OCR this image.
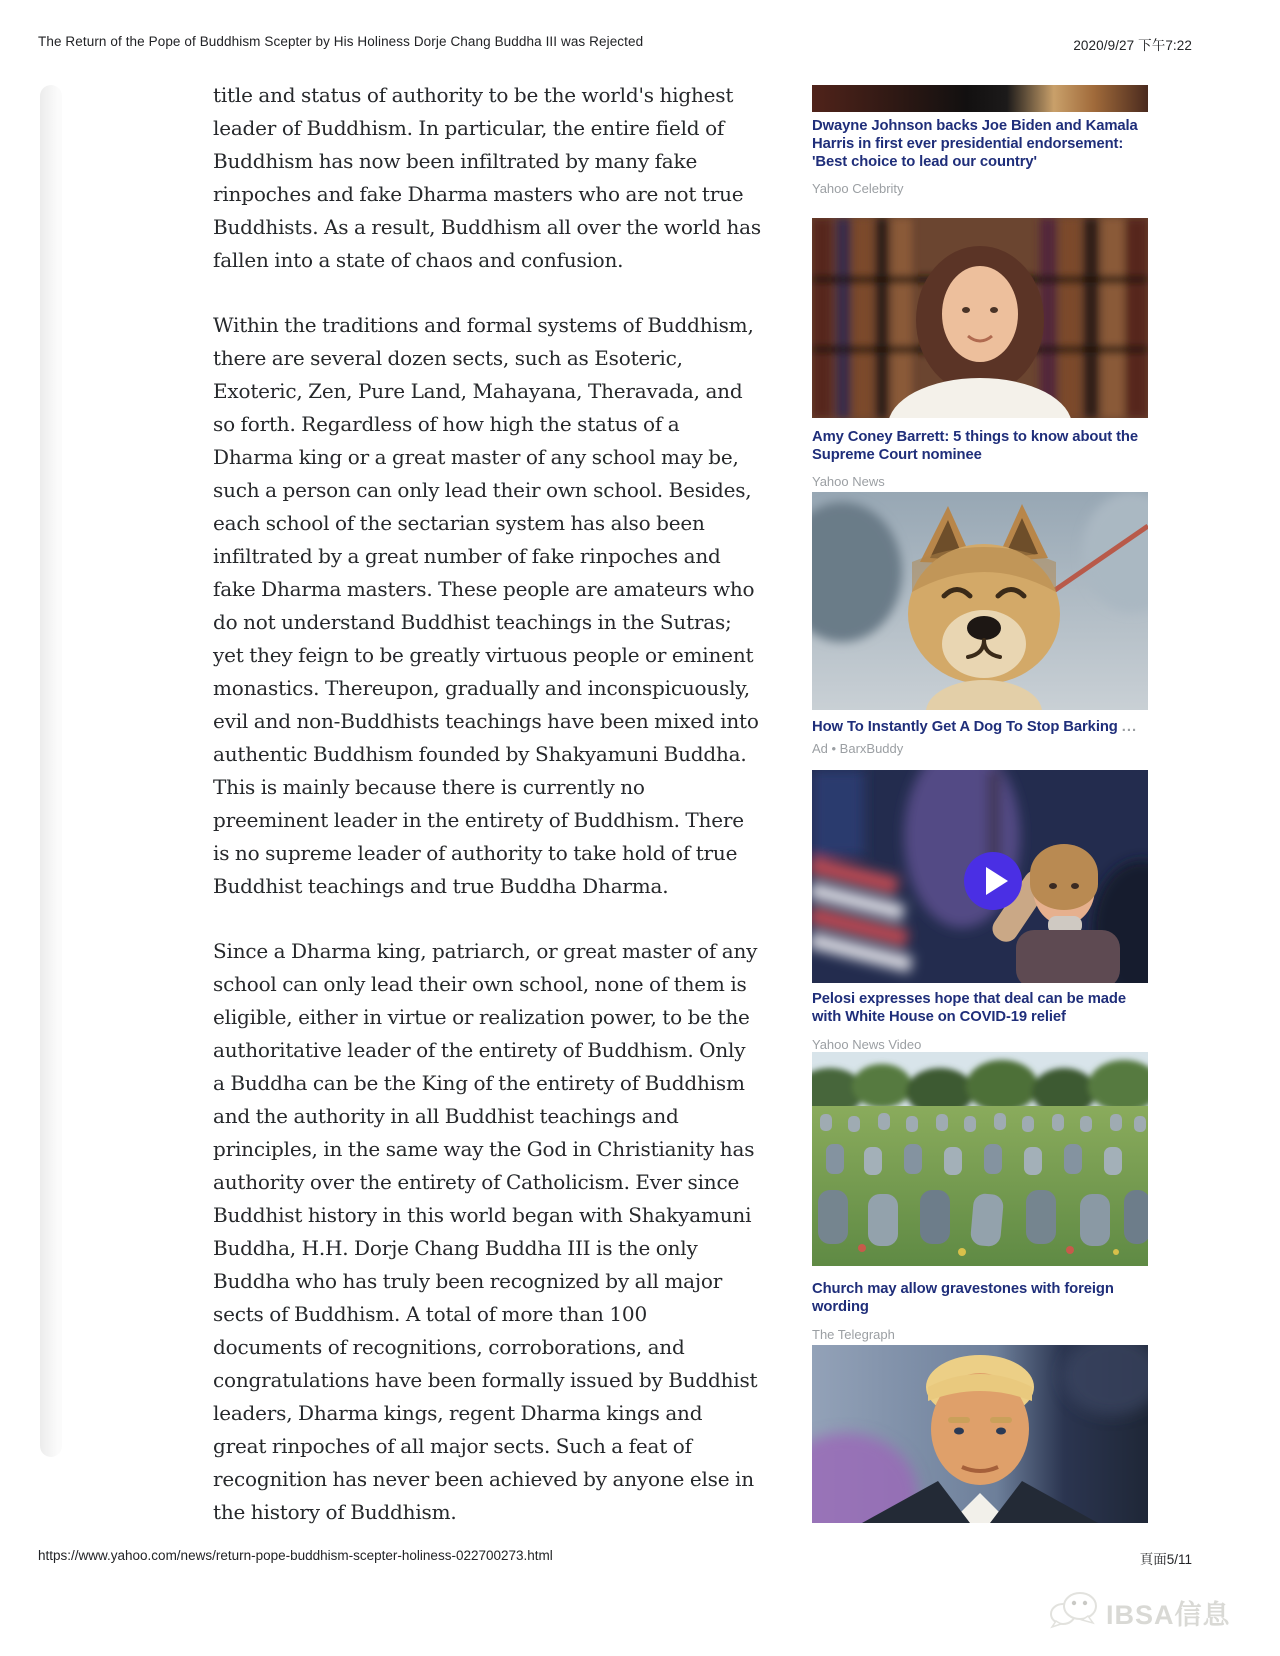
The Return of the Pope of Buddhism Scepter by His Holiness Dorje Chang Buddha III was Rejected	2020/9/27 下午7:22

title and status of authority to be the world's highest leader of Buddhism. In particular, the entire field of Buddhism has now been infiltrated by many fake rinpoches and fake Dharma masters who are not true Buddhists. As a result, Buddhism all over the world has fallen into a state of chaos and confusion.

Within the traditions and formal systems of Buddhism, there are several dozen sects, such as Esoteric, Exoteric, Zen, Pure Land, Mahayana, Theravada, and so forth. Regardless of how high the status of a Dharma king or a great master of any school may be, such a person can only lead their own school. Besides, each school of the sectarian system has also been infiltrated by a great number of fake rinpoches and fake Dharma masters. These people are amateurs who do not understand Buddhist teachings in the Sutras; yet they feign to be greatly virtuous people or eminent monastics. Thereupon, gradually and inconspicuously, evil and non-Buddhists teachings have been mixed into authentic Buddhism founded by Shakyamuni Buddha. This is mainly because there is currently no preeminent leader in the entirety of Buddhism. There is no supreme leader of authority to take hold of true Buddhist teachings and true Buddha Dharma.

Since a Dharma king, patriarch, or great master of any school can only lead their own school, none of them is eligible, either in virtue or realization power, to be the authoritative leader of the entirety of Buddhism. Only a Buddha can be the King of the entirety of Buddhism and the authority in all Buddhist teachings and principles, in the same way the God in Christianity has authority over the entirety of Catholicism. Ever since Buddhist history in this world began with Shakyamuni Buddha, H.H. Dorje Chang Buddha III is the only Buddha who has truly been recognized by all major sects of Buddhism. A total of more than 100 documents of recognitions, corroborations, and congratulations have been formally issued by Buddhist leaders, Dharma kings, regent Dharma kings and great rinpoches of all major sects. Such a feat of recognition has never been achieved by anyone else in the history of Buddhism.

Dwayne Johnson backs Joe Biden and Kamala Harris in first ever presidential endorsement: 'Best choice to lead our country'
Yahoo Celebrity
Amy Coney Barrett: 5 things to know about the Supreme Court nominee
Yahoo News
How To Instantly Get A Dog To Stop Barking ...
Ad • BarxBuddy
Pelosi expresses hope that deal can be made with White House on COVID-19 relief
Yahoo News Video
Church may allow gravestones with foreign wording
The Telegraph
https://www.yahoo.com/news/return-pope-buddhism-scepter-holiness-022700273.html	頁面5/11
IBSA信息
